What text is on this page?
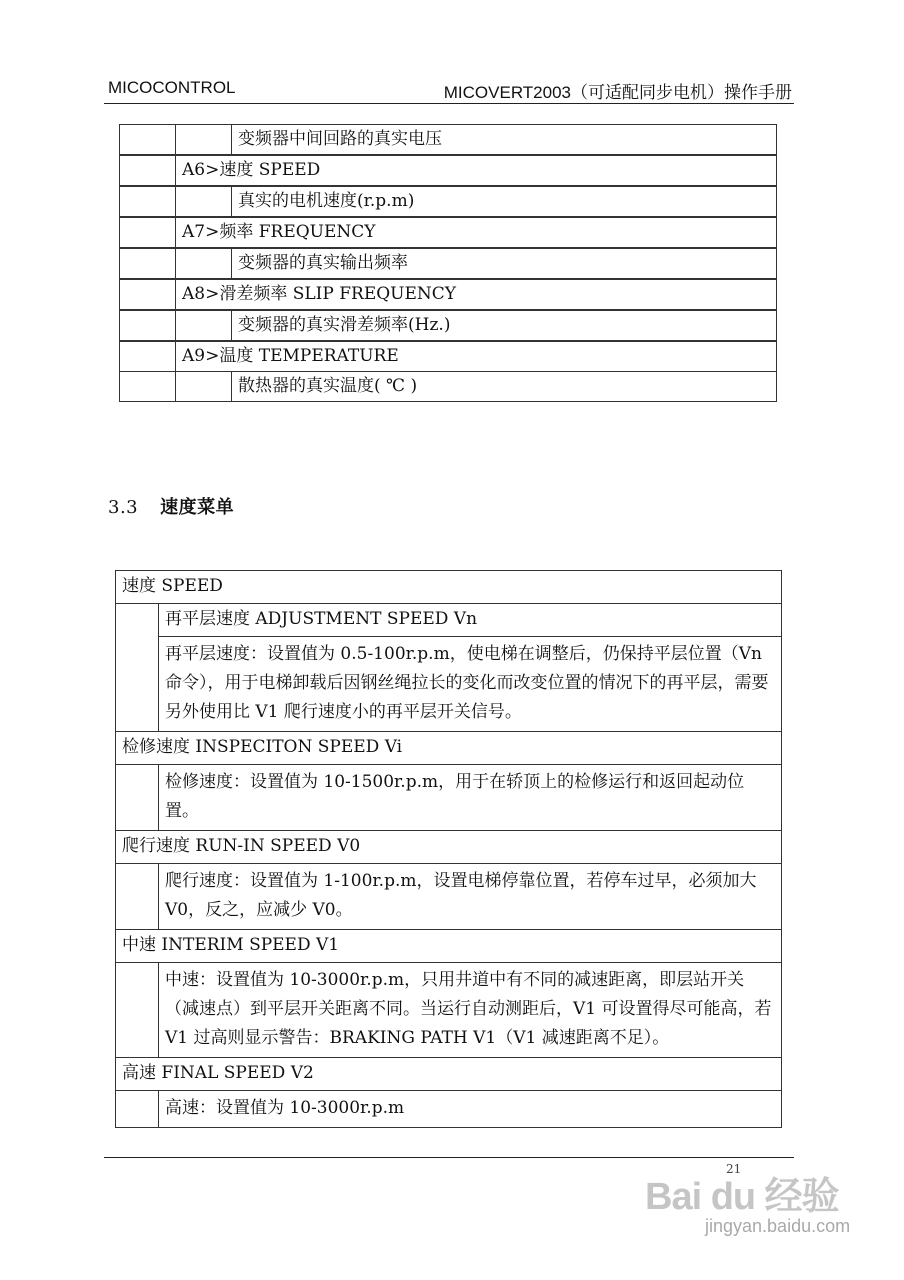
MICOCONTROL	MICOVERT2003（可适配同步电机）操作手册
		变频器中间回路的真实电压
	A6>速度 SPEED	
		真实的电机速度(r.p.m)
	A7>频率 FREQUENCY	
		变频器的真实输出频率
	A8>滑差频率 SLIP FREQUENCY	
		变频器的真实滑差频率(Hz.)
	A9>温度 TEMPERATURE	
		散热器的真实温度( ℃ )
3.3 速度菜单
速度 SPEED	
	再平层速度 ADJUSTMENT SPEED Vn
	再平层速度：设置值为 0.5-100r.p.m，使电梯在调整后，仍保持平层位置（Vn 命令），用于电梯卸载后因钢丝绳拉长的变化而改变位置的情况下的再平层，需要另外使用比 V1 爬行速度小的再平层开关信号。
检修速度 INSPECITON SPEED Vi	
	检修速度：设置值为 10-1500r.p.m，用于在轿顶上的检修运行和返回起动位置。
爬行速度 RUN-IN SPEED V0	
	爬行速度：设置值为 1-100r.p.m，设置电梯停靠位置，若停车过早，必须加大 V0，反之，应减少 V0。
中速 INTERIM SPEED V1	
	中速：设置值为 10-3000r.p.m，只用井道中有不同的减速距离，即层站开关（减速点）到平层开关距离不同。当运行自动测距后，V1 可设置得尽可能高，若 V1 过高则显示警告：BRAKING PATH V1（V1 减速距离不足）。
高速 FINAL SPEED V2	
	高速：设置值为 10-3000r.p.m
21
Bai du 经验
jingyan.baidu.com
